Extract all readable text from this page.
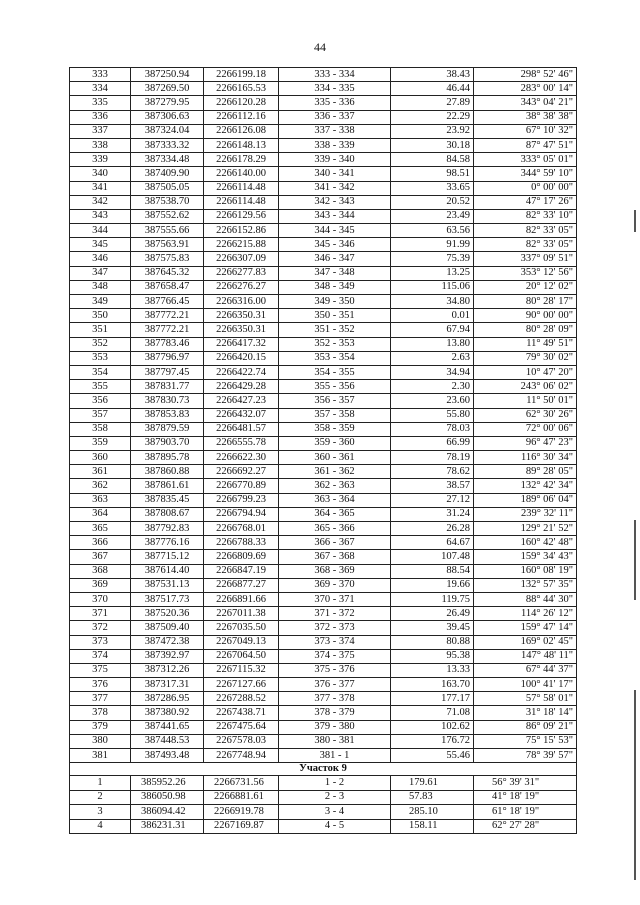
44
333	387250.94	2266199.18	333 - 334	38.43	298° 52' 46"
334	387269.50	2266165.53	334 - 335	46.44	283° 00' 14"
335	387279.95	2266120.28	335 - 336	27.89	343° 04' 21"
336	387306.63	2266112.16	336 - 337	22.29	38° 38' 38"
337	387324.04	2266126.08	337 - 338	23.92	67° 10' 32"
338	387333.32	2266148.13	338 - 339	30.18	87° 47' 51"
339	387334.48	2266178.29	339 - 340	84.58	333° 05' 01"
340	387409.90	2266140.00	340 - 341	98.51	344° 59' 10"
341	387505.05	2266114.48	341 - 342	33.65	0° 00' 00"
342	387538.70	2266114.48	342 - 343	20.52	47° 17' 26"
343	387552.62	2266129.56	343 - 344	23.49	82° 33' 10"
344	387555.66	2266152.86	344 - 345	63.56	82° 33' 05"
345	387563.91	2266215.88	345 - 346	91.99	82° 33' 05"
346	387575.83	2266307.09	346 - 347	75.39	337° 09' 51"
347	387645.32	2266277.83	347 - 348	13.25	353° 12' 56"
348	387658.47	2266276.27	348 - 349	115.06	20° 12' 02"
349	387766.45	2266316.00	349 - 350	34.80	80° 28' 17"
350	387772.21	2266350.31	350 - 351	0.01	90° 00' 00"
351	387772.21	2266350.31	351 - 352	67.94	80° 28' 09"
352	387783.46	2266417.32	352 - 353	13.80	11° 49' 51"
353	387796.97	2266420.15	353 - 354	2.63	79° 30' 02"
354	387797.45	2266422.74	354 - 355	34.94	10° 47' 20"
355	387831.77	2266429.28	355 - 356	2.30	243° 06' 02"
356	387830.73	2266427.23	356 - 357	23.60	11° 50' 01"
357	387853.83	2266432.07	357 - 358	55.80	62° 30' 26"
358	387879.59	2266481.57	358 - 359	78.03	72° 00' 06"
359	387903.70	2266555.78	359 - 360	66.99	96° 47' 23"
360	387895.78	2266622.30	360 - 361	78.19	116° 30' 34"
361	387860.88	2266692.27	361 - 362	78.62	89° 28' 05"
362	387861.61	2266770.89	362 - 363	38.57	132° 42' 34"
363	387835.45	2266799.23	363 - 364	27.12	189° 06' 04"
364	387808.67	2266794.94	364 - 365	31.24	239° 32' 11"
365	387792.83	2266768.01	365 - 366	26.28	129° 21' 52"
366	387776.16	2266788.33	366 - 367	64.67	160° 42' 48"
367	387715.12	2266809.69	367 - 368	107.48	159° 34' 43"
368	387614.40	2266847.19	368 - 369	88.54	160° 08' 19"
369	387531.13	2266877.27	369 - 370	19.66	132° 57' 35"
370	387517.73	2266891.66	370 - 371	119.75	88° 44' 30"
371	387520.36	2267011.38	371 - 372	26.49	114° 26' 12"
372	387509.40	2267035.50	372 - 373	39.45	159° 47' 14"
373	387472.38	2267049.13	373 - 374	80.88	169° 02' 45"
374	387392.97	2267064.50	374 - 375	95.38	147° 48' 11"
375	387312.26	2267115.32	375 - 376	13.33	67° 44' 37"
376	387317.31	2267127.66	376 - 377	163.70	100° 41' 17"
377	387286.95	2267288.52	377 - 378	177.17	57° 58' 01"
378	387380.92	2267438.71	378 - 379	71.08	31° 18' 14"
379	387441.65	2267475.64	379 - 380	102.62	86° 09' 21"
380	387448.53	2267578.03	380 - 381	176.72	75° 15' 53"
381	387493.48	2267748.94	381 - 1	55.46	78° 39' 57"
Участок 9					
1	385952.26	2266731.56	1 - 2	179.61	56° 39' 31"
2	386050.98	2266881.61	2 - 3	57.83	41° 18' 19"
3	386094.42	2266919.78	3 - 4	285.10	61° 18' 19"
4	386231.31	2267169.87	4 - 5	158.11	62° 27' 28"
